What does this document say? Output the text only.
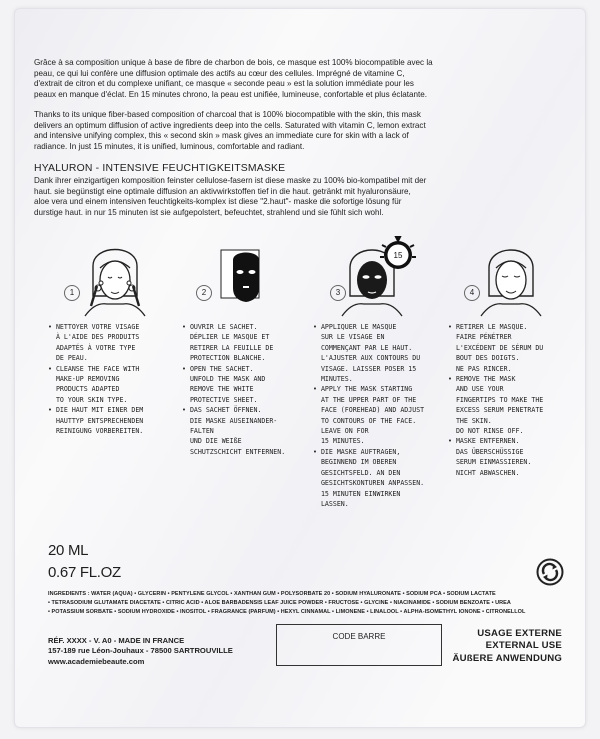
Grâce à sa composition unique à base de fibre de charbon de bois, ce masque est 100% biocompatible avec la
peau, ce qui lui confère une diffusion optimale des actifs au cœur des cellules. Imprégné de vitamine C,
d'extrait de citron et du complexe unifiant, ce masque « seconde peau » est la solution immédiate pour les
peaux en manque d'éclat. En 15 minutes chrono, la peau est unifiée, lumineuse, confortable et plus éclatante.
Thanks to its unique fiber-based composition of charcoal that is 100% biocompatible with the skin, this mask
delivers an optimum diffusion of active ingredients deep into the cells. Saturated with vitamin C, lemon extract
and intensive unifying complex, this « second skin » mask gives an immediate cure for skin with a lack of
radiance. In just 15 minutes, it is unified, luminous, comfortable and radiant.
HYALURON - INTENSIVE FEUCHTIGKEITSMASKE
Dank ihrer einzigartigen komposition feinster cellulose-fasern ist diese maske zu 100% bio-kompatibel mit der
haut. sie begünstigt eine optimale diffusion an aktivwirkstoffen tief in die haut. getränkt mit hyaluronsäure,
aloe vera und einem intensiven feuchtigkeits-komplex ist diese "2.haut"- maske die sofortige lösung für
durstige haut. in nur 15 minuten ist sie aufgepolstert, befeuchtet, strahlend und sie fühlt sich wohl.
15
1	2	3	4
• NETTOYER VOTRE VISAGE
À L'AIDE DES PRODUITS
ADAPTÉS À VOTRE TYPE
DE PEAU.
• CLEANSE THE FACE WITH
MAKE-UP REMOVING
PRODUCTS ADAPTED
TO YOUR SKIN TYPE.
• DIE HAUT MIT EINER DEM
HAUTTYP ENTSPRECHENDEN
REINIGUNG VORBEREITEN.
• OUVRIR LE SACHET.
DÉPLIER LE MASQUE ET
RETIRER LA FEUILLE DE
PROTECTION BLANCHE.
• OPEN THE SACHET.
UNFOLD THE MASK AND
REMOVE THE WHITE
PROTECTIVE SHEET.
• DAS SACHET ÖFFNEN.
DIE MASKE AUSEINANDER-
FALTEN
UND DIE WEIßE
SCHUTZSCHICHT ENTFERNEN.
• APPLIQUER LE MASQUE
SUR LE VISAGE EN
COMMENÇANT PAR LE HAUT.
L'AJUSTER AUX CONTOURS DU
VISAGE. LAISSER POSER 15
MINUTES.
• APPLY THE MASK STARTING
AT THE UPPER PART OF THE
FACE (FOREHEAD) AND ADJUST
TO CONTOURS OF THE FACE.
LEAVE ON FOR
15 MINUTES.
• DIE MASKE AUFTRAGEN,
BEGINNEND IM OBEREN
GESICHTSFELD. AN DEN
GESICHTSKONTUREN ANPASSEN.
15 MINUTEN EINWIRKEN
LASSEN.
• RETIRER LE MASQUE.
FAIRE PÉNÉTRER
L'EXCÉDENT DE SÉRUM DU
BOUT DES DOIGTS.
NE PAS RINCER.
• REMOVE THE MASK
AND USE YOUR
FINGERTIPS TO MAKE THE
EXCESS SERUM PENETRATE
THE SKIN.
DO NOT RINSE OFF.
• MASKE ENTFERNEN.
DAS ÜBERSCHÜSSIGE
SERUM EINMASSIEREN.
NICHT ABWASCHEN.
20 ML
0.67 FL.OZ
INGREDIENTS : WATER (AQUA) • GLYCERIN • PENTYLENE GLYCOL • XANTHAN GUM • POLYSORBATE 20 • SODIUM HYALURONATE • SODIUM PCA • SODIUM LACTATE
• TETRASODIUM GLUTAMATE DIACETATE • CITRIC ACID • ALOE BARBADENSIS LEAF JUICE POWDER • FRUCTOSE • GLYCINE • NIACINAMIDE • SODIUM BENZOATE • UREA
• POTASSIUM SORBATE • SODIUM HYDROXIDE • INOSITOL • FRAGRANCE (PARFUM) • HEXYL CINNAMAL • LIMONENE • LINALOOL • ALPHA-ISOMETHYL IONONE • CITRONELLOL
RÉF. XXXX - V. A0 - MADE IN FRANCE
157-189 rue Léon-Jouhaux - 78500 SARTROUVILLE
www.academiebeaute.com
CODE BARRE	USAGE EXTERNE
EXTERNAL USE
ÄUßERE ANWENDUNG
